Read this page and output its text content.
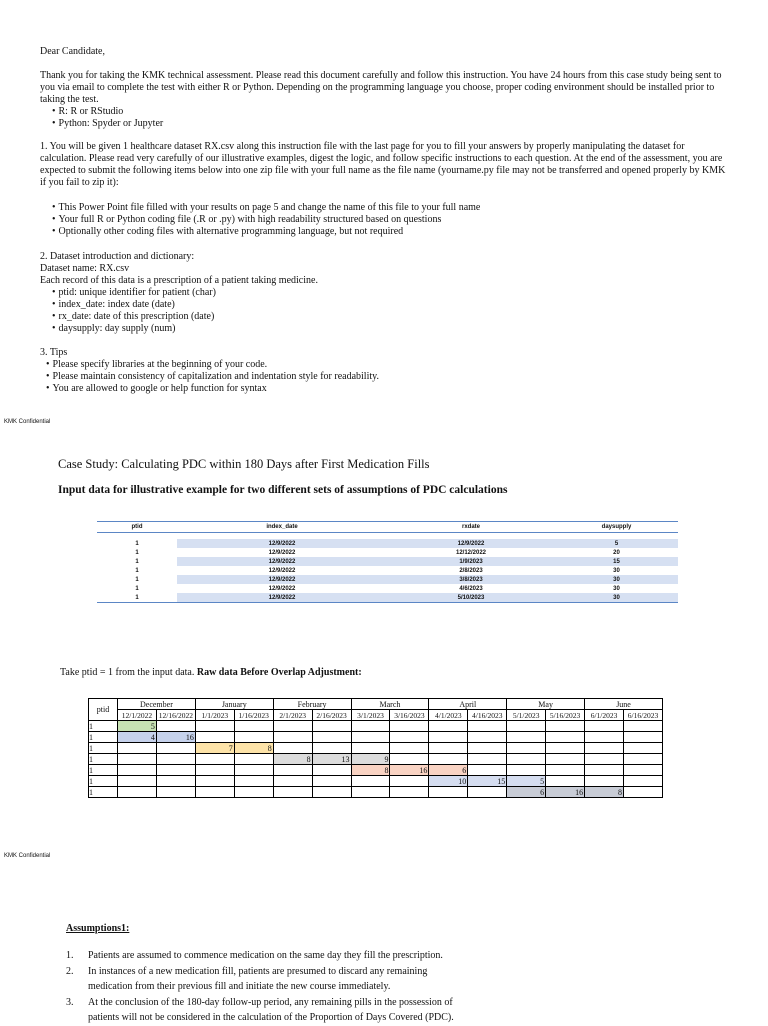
Dear Candidate,

Thank you for taking the KMK technical assessment. Please read this document carefully and follow this instruction. You have 24 hours from this case study being sent to you via email to complete the test with either R or Python. Depending on the programming language you choose, proper coding environment should be installed prior to taking the test.

• R: R or RStudio
• Python: Spyder or Jupyter

1. You will be given 1 healthcare dataset RX.csv along this instruction file with the last page for you to fill your answers by properly manipulating the dataset for calculation. Please read very carefully of our illustrative examples, digest the logic, and follow specific instructions to each question. At the end of the assessment, you are expected to submit the following items below into one zip file with your full name as the file name (yourname.py file may not be transferred and opened properly by KMK if you fail to zip it):

• This Power Point file filled with your results on page 5 and change the name of this file to your full name
• Your full R or Python coding file (.R or .py) with high readability structured based on questions
• Optionally other coding files with alternative programming language, but not required

2. Dataset introduction and dictionary:

Dataset name: RX.csv

Each record of this data is a prescription of a patient taking medicine.

• ptid: unique identifier for patient (char)
• index_date: index date (date)
• rx_date: date of this prescription (date)
• daysupply: day supply (num)

3. Tips

• Please specify libraries at the beginning of your code.
• Please maintain consistency of capitalization and indentation style for readability.
• You are allowed to google or help function for syntax
KMK Confidential
Case Study: Calculating PDC within 180 Days after First Medication Fills
Input data for illustrative example for two different sets of assumptions of PDC calculations
ptid	index_date	rxdate	daysupply

1	12/9/2022	12/9/2022	5
1	12/9/2022	12/12/2022	20
1	12/9/2022	1/9/2023	15
1	12/9/2022	2/8/2023	30
1	12/9/2022	3/8/2023	30
1	12/9/2022	4/6/2023	30
1	12/9/2022	5/10/2023	30
Take ptid = 1 from the input data. Raw data Before Overlap Adjustment:
ptid	December		January		February		March		April		May		June	
	12/1/2022	12/16/2022	1/1/2023	1/16/2023	2/1/2023	2/16/2023	3/1/2023	3/16/2023	4/1/2023	4/16/2023	5/1/2023	5/16/2023	6/1/2023	6/16/2023
1	5													
1	4	16												
1			7	8										
1					8	13	9							
1							8	16	6					
1									10	15	5			
1											6	16	8	
KMK Confidential
Assumptions1:
1.	Patients are assumed to commence medication on the same day they fill the prescription.
2.	In instances of a new medication fill, patients are presumed to discard any remaining
medication from their previous fill and initiate the new course immediately.
3.	At the conclusion of the 180-day follow-up period, any remaining pills in the possession of
patients will not be considered in the calculation of the Proportion of Days Covered (PDC).
